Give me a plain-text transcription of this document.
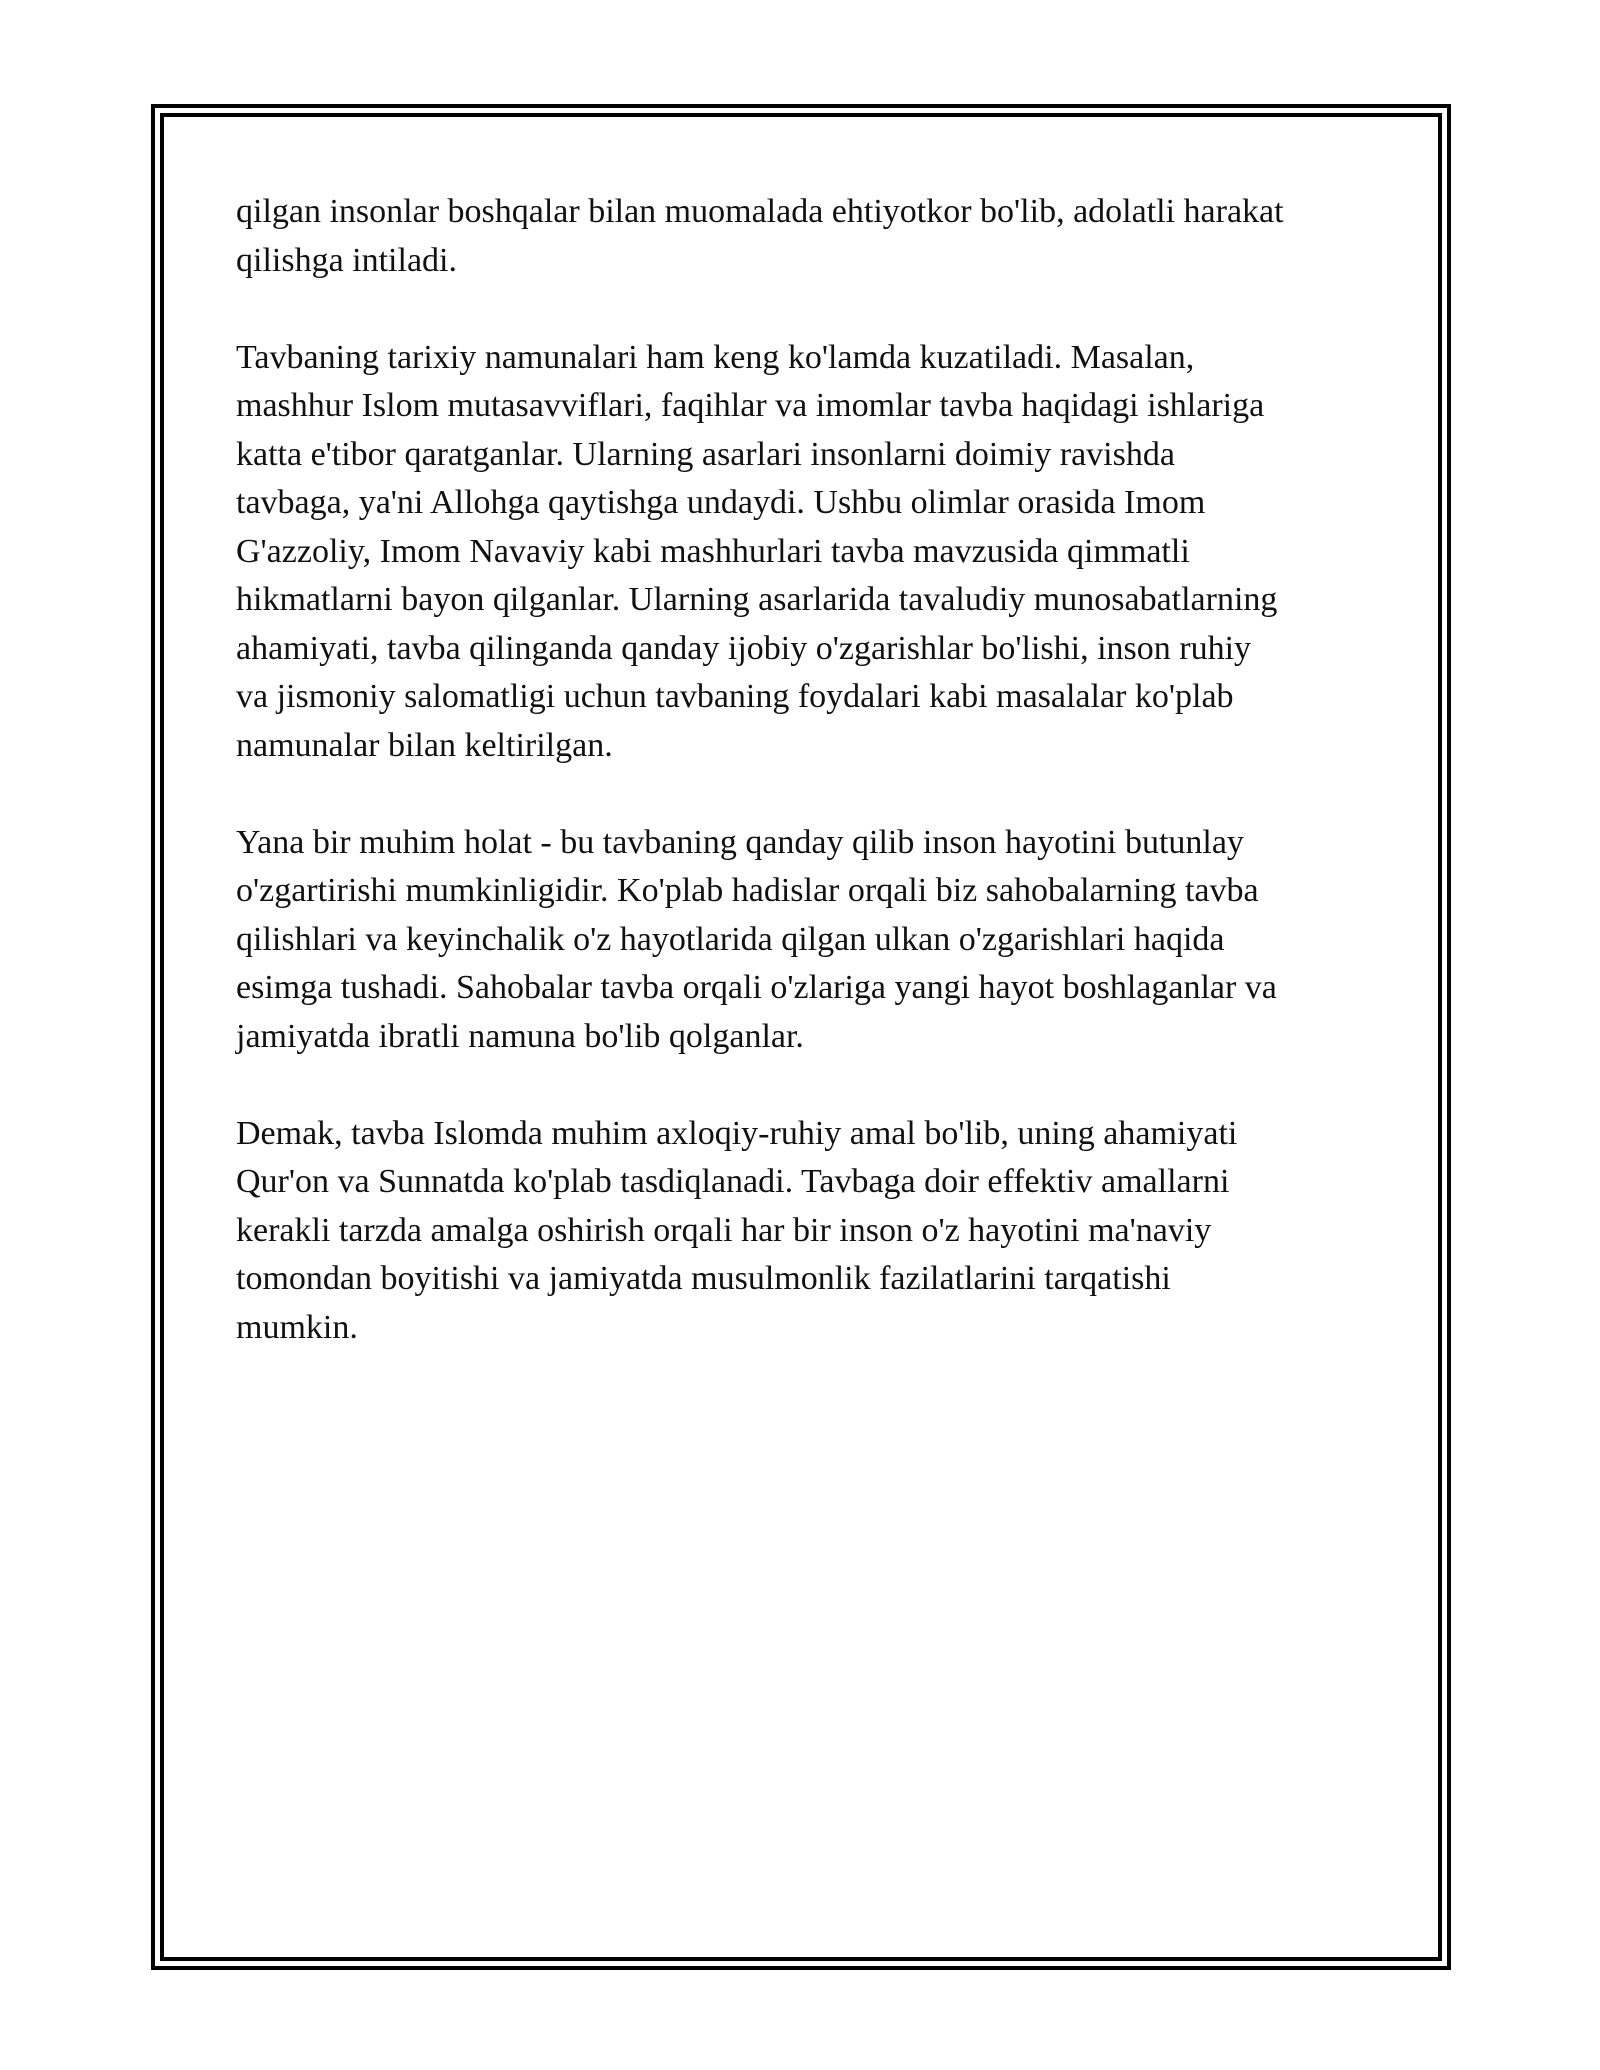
qilgan insonlar boshqalar bilan muomalada ehtiyotkor bo'lib, adolatli harakat
qilishga intiladi.

Tavbaning tarixiy namunalari ham keng ko'lamda kuzatiladi. Masalan,
mashhur Islom mutasavviflari, faqihlar va imomlar tavba haqidagi ishlariga
katta e'tibor qaratganlar. Ularning asarlari insonlarni doimiy ravishda
tavbaga, ya'ni Allohga qaytishga undaydi. Ushbu olimlar orasida Imom
G'azzoliy, Imom Navaviy kabi mashhurlari tavba mavzusida qimmatli
hikmatlarni bayon qilganlar. Ularning asarlarida tavaludiy munosabatlarning
ahamiyati, tavba qilinganda qanday ijobiy o'zgarishlar bo'lishi, inson ruhiy
va jismoniy salomatligi uchun tavbaning foydalari kabi masalalar ko'plab
namunalar bilan keltirilgan.

Yana bir muhim holat - bu tavbaning qanday qilib inson hayotini butunlay
o'zgartirishi mumkinligidir. Ko'plab hadislar orqali biz sahobalarning tavba
qilishlari va keyinchalik o'z hayotlarida qilgan ulkan o'zgarishlari haqida
esimga tushadi. Sahobalar tavba orqali o'zlariga yangi hayot boshlaganlar va
jamiyatda ibratli namuna bo'lib qolganlar.

Demak, tavba Islomda muhim axloqiy-ruhiy amal bo'lib, uning ahamiyati
Qur'on va Sunnatda ko'plab tasdiqlanadi. Tavbaga doir effektiv amallarni
kerakli tarzda amalga oshirish orqali har bir inson o'z hayotini ma'naviy
tomondan boyitishi va jamiyatda musulmonlik fazilatlarini tarqatishi
mumkin.
